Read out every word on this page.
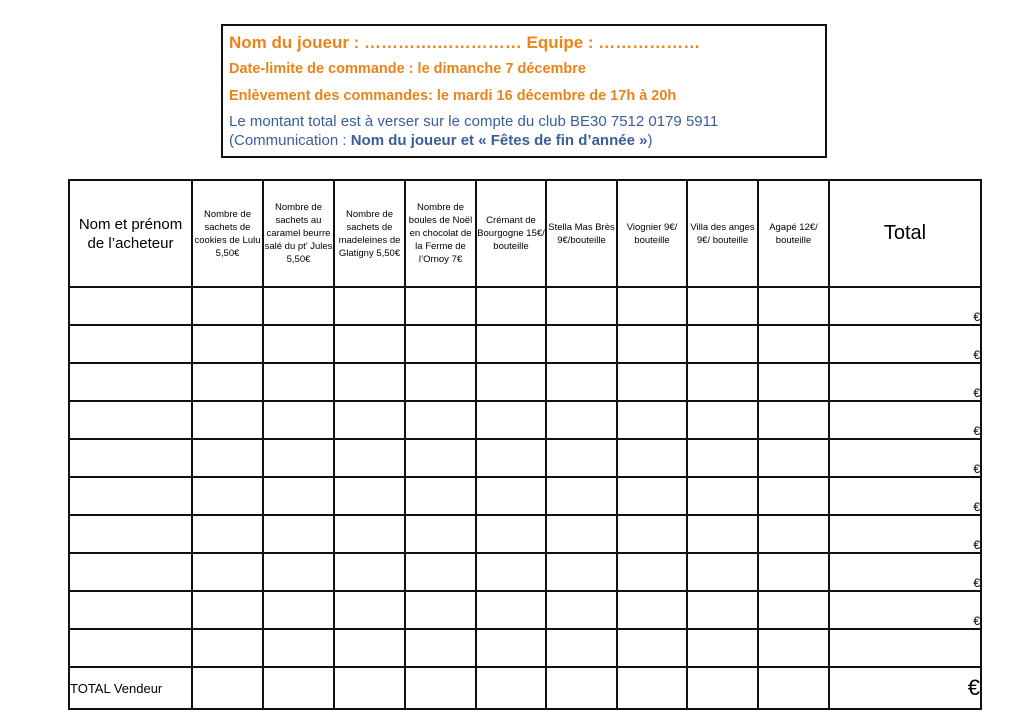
Nom du joueur : ………….…………… Equipe : ………………

Date-limite de commande : le dimanche 7 décembre

Enlèvement des commandes: le mardi 16 décembre de 17h à 20h

Le montant total est à verser sur le compte du club BE30 7512 0179 5911

(Communication : Nom du joueur et « Fêtes de fin d’année »)

Nom et prénom de l’acheteur	Nombre de sachets de cookies de Lulu 5,50€	Nombre de sachets au caramel beurre salé du pt’ Jules 5,50€	Nombre de sachets de madeleines de Glatigny 5,50€	Nombre de boules de Noël en chocolat de la Ferme de l’Ornoy 7€	Crémant de Bourgogne 15€/ bouteille	Stella Mas Brès 9€/bouteille	Viognier 9€/ bouteille	Villa des anges 9€/ bouteille	Agapé 12€/ bouteille	Total
										€
										€
										€
										€
										€
										€
										€
										€
										€

TOTAL Vendeur										€
